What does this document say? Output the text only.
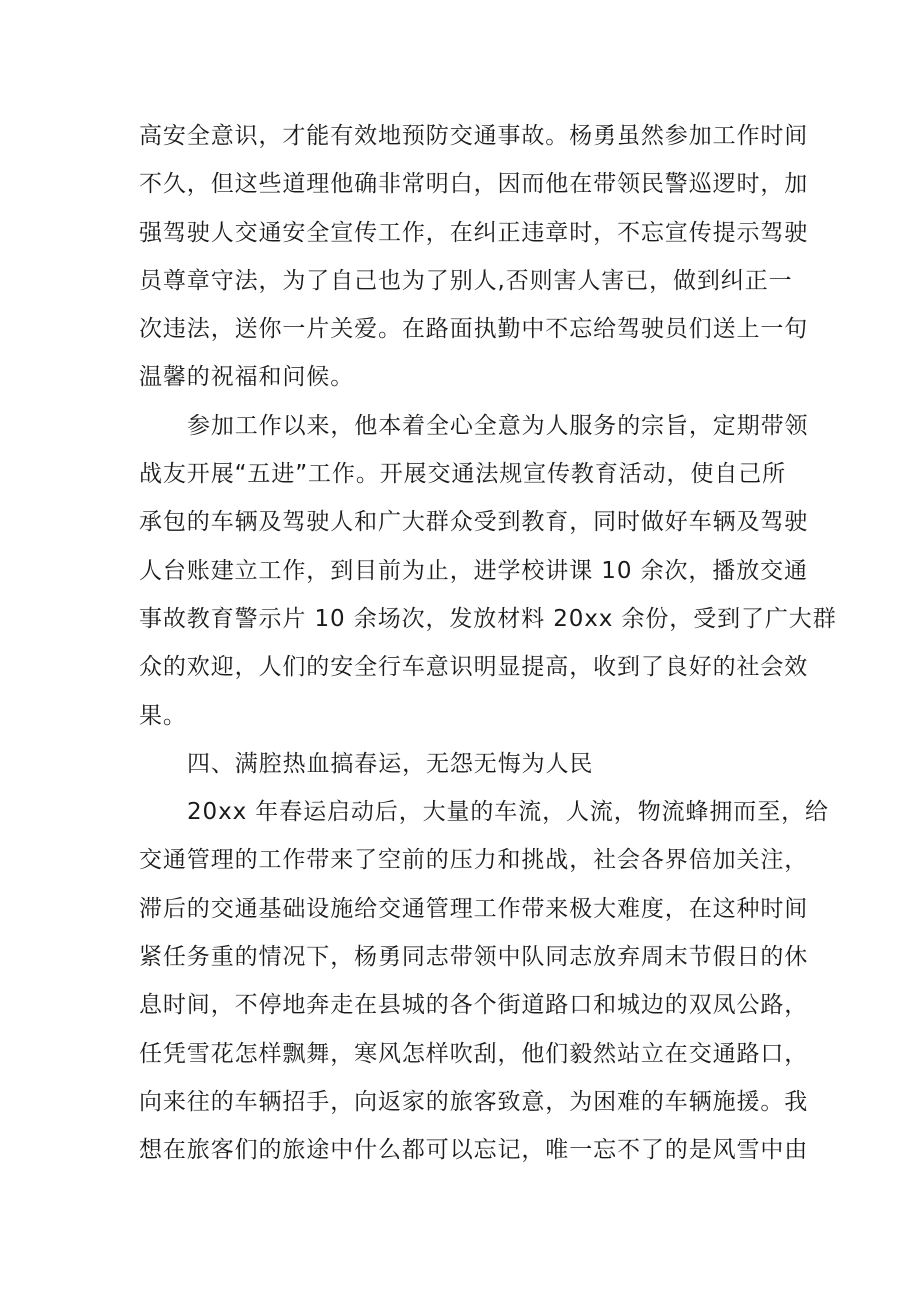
高安全意识，才能有效地预防交通事故。杨勇虽然参加工作时间
不久，但这些道理他确非常明白，因而他在带领民警巡逻时，加
强驾驶人交通安全宣传工作，在纠正违章时，不忘宣传提示驾驶
员尊章守法，为了自己也为了别人,否则害人害已，做到纠正一
次违法，送你一片关爱。在路面执勤中不忘给驾驶员们送上一句
温馨的祝福和问候。
参加工作以来，他本着全心全意为人服务的宗旨，定期带领
战友开展“五进”工作。开展交通法规宣传教育活动，使自己所
承包的车辆及驾驶人和广大群众受到教育，同时做好车辆及驾驶
人台账建立工作，到目前为止，进学校讲课 10 余次，播放交通
事故教育警示片 10 余场次，发放材料 20xx 余份，受到了广大群
众的欢迎，人们的安全行车意识明显提高，收到了良好的社会效
果。
四、满腔热血搞春运，无怨无悔为人民
20xx 年春运启动后，大量的车流，人流，物流蜂拥而至，给
交通管理的工作带来了空前的压力和挑战，社会各界倍加关注，
滞后的交通基础设施给交通管理工作带来极大难度，在这种时间
紧任务重的情况下，杨勇同志带领中队同志放弃周末节假日的休
息时间，不停地奔走在县城的各个街道路口和城边的双凤公路，
任凭雪花怎样飘舞，寒风怎样吹刮，他们毅然站立在交通路口，
向来往的车辆招手，向返家的旅客致意，为困难的车辆施援。我
想在旅客们的旅途中什么都可以忘记，唯一忘不了的是风雪中由
